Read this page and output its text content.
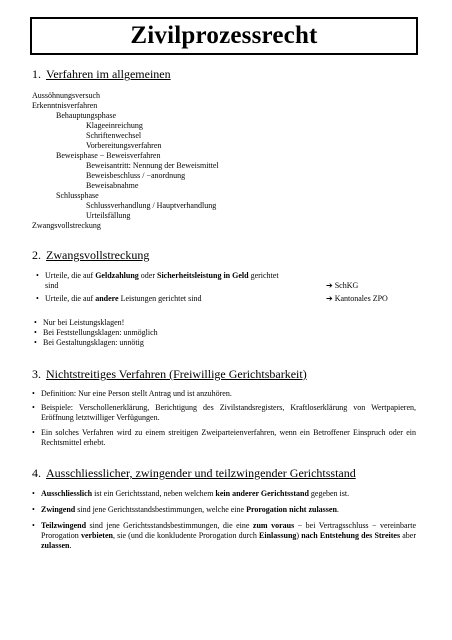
Zivilprozessrecht
1. Verfahren im allgemeinen
Aussöhnungsversuch
Erkenntnisverfahren
Behauptungsphase
Klageeinreichung
Schriftenwechsel
Vorbereitungsverfahren
Beweisphase − Beweisverfahren
Beweisantritt: Nennung der Beweismittel
Beweisbeschluss / −anordnung
Beweisabnahme
Schlussphase
Schlussverhandlung / Hauptverhandlung
Urteilsfällung
Zwangsvollstreckung
2. Zwangsvollstreckung
• Urteile, die auf Geldzahlung oder Sicherheitsleistung in Geld gerichtet
sind	➔ SchKG
• Urteile, die auf andere Leistungen gerichtet sind	➔ Kantonales ZPO
• Nur bei Leistungsklagen!
• Bei Feststellungsklagen: unmöglich
• Bei Gestaltungsklagen: unnötig
3. Nichtstreitiges Verfahren (Freiwillige Gerichtsbarkeit)
• Definition: Nur eine Person stellt Antrag und ist anzuhören.
• Beispiele: Verschollenerklärung, Berichtigung des Zivilstandsregisters, Kraftloserklärung von Wertpapieren, Eröffnung letztwilliger Verfügungen.
• Ein solches Verfahren wird zu einem streitigen Zweiparteienverfahren, wenn ein Betroffener Einspruch oder ein Rechtsmittel erhebt.
4. Ausschliesslicher, zwingender und teilzwingender Gerichtsstand
• Ausschliesslich ist ein Gerichtsstand, neben welchem kein anderer Gerichtsstand gegeben ist.
• Zwingend sind jene Gerichtsstandsbestimmungen, welche eine Prorogation nicht zulassen.
• Teilzwingend sind jene Gerichtsstandsbestimmungen, die eine zum voraus − bei Vertragsschluss − vereinbarte Prorogation verbieten, sie (und die konkludente Prorogation durch Einlassung) nach Entstehung des Streites aber zulassen.
